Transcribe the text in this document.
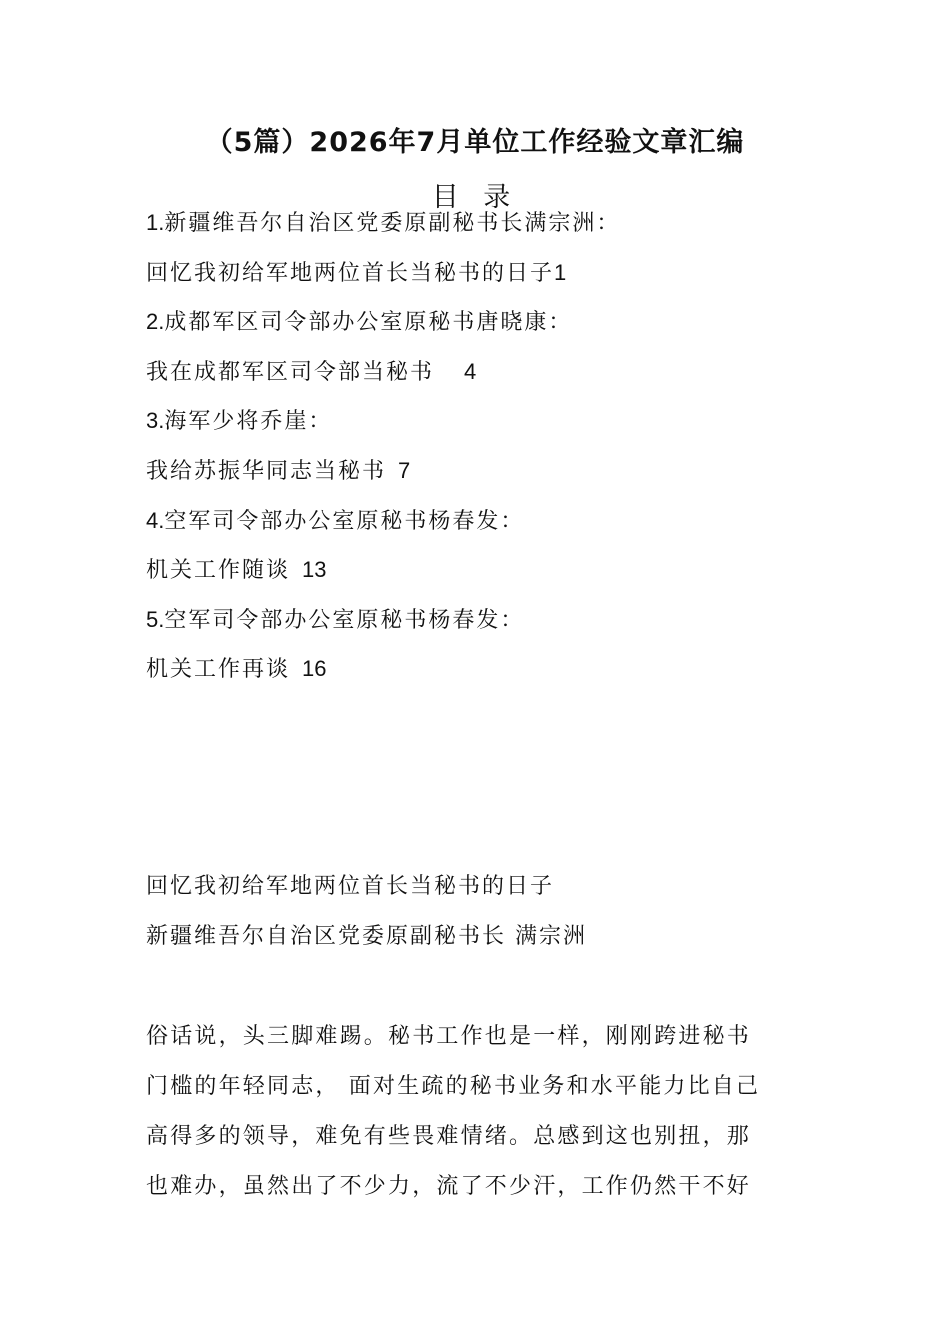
（5篇）2026年7月单位工作经验文章汇编
目 录
1.新疆维吾尔自治区党委原副秘书长满宗洲：
回忆我初给军地两位首长当秘书的日子1
2.成都军区司令部办公室原秘书唐晓康：
我在成都军区司令部当秘书 4
3.海军少将乔崖：
我给苏振华同志当秘书 7
4.空军司令部办公室原秘书杨春发：
机关工作随谈 13
5.空军司令部办公室原秘书杨春发：
机关工作再谈 16
回忆我初给军地两位首长当秘书的日子
新疆维吾尔自治区党委原副秘书长 满宗洲
俗话说，头三脚难踢。秘书工作也是一样，刚刚跨进秘书
门槛的年轻同志， 面对生疏的秘书业务和水平能力比自己
高得多的领导，难免有些畏难情绪。总感到这也别扭，那
也难办，虽然出了不少力，流了不少汗，工作仍然干不好
